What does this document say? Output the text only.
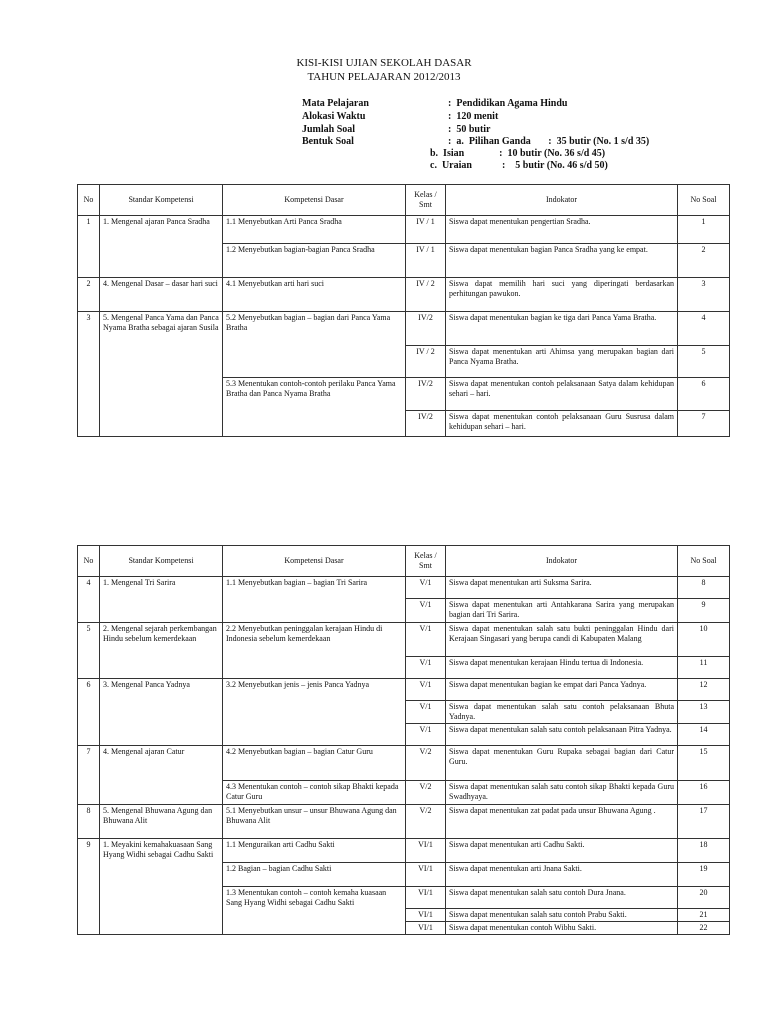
KISI-KISI UJIAN SEKOLAH DASAR
TAHUN PELAJARAN 2012/2013
Mata Pelajaran	:  Pendidikan Agama Hindu
Alokasi Waktu	:  120 menit
Jumlah Soal	:  50 butir
Bentuk Soal	:  a.  Pilihan Ganda       :  35 butir (No. 1 s/d 35)
b.  Isian              :  10 butir (No. 36 s/d 45)
c.  Uraian            :    5 butir (No. 46 s/d 50)
No	Standar Kompetensi	Kompetensi Dasar	Kelas / Smt	Indokator	No Soal
1	1. Mengenal ajaran Panca Sradha	1.1 Menyebutkan Arti Panca Sradha	IV / 1	Siswa dapat menentukan pengertian Sradha.	1
		1.2 Menyebutkan bagian-bagian Panca Sradha	IV / 1	Siswa dapat menentukan bagian Panca Sradha yang ke empat.	2
2	4. Mengenal Dasar – dasar hari suci	4.1 Menyebutkan arti hari suci	IV / 2	Siswa dapat memilih hari suci yang diperingati berdasarkan perhitungan pawukon.	3
3	5. Mengenal Panca Yama dan Panca Nyama Bratha sebagai ajaran Susila	5.2 Menyebutkan bagian – bagian dari Panca Yama Bratha	IV/2	Siswa dapat menentukan bagian ke tiga dari Panca Yama Bratha.	4
			IV / 2	Siswa dapat menentukan arti Ahimsa yang merupakan bagian dari Panca Nyama Bratha.	5
		5.3 Menentukan contoh-contoh perilaku Panca Yama Bratha dan Panca Nyama Bratha	IV/2	Siswa dapat menentukan contoh pelaksanaan Satya dalam kehidupan sehari – hari.	6
			IV/2	Siswa dapat menentukan contoh pelaksanaan Guru Susrusa dalam kehidupan sehari – hari.	7
No	Standar Kompetensi	Kompetensi Dasar	Kelas / Smt	Indokator	No Soal
4	1. Mengenal Tri Sarira	1.1 Menyebutkan bagian – bagian Tri Sarira	V/1	Siswa dapat menentukan arti Suksma Sarira.	8
			V/1	Siswa dapat menentukan arti Antahkarana Sarira yang merupakan bagian dari Tri Sarira.	9
5	2. Mengenal sejarah perkembangan Hindu sebelum kemerdekaan	2.2 Menyebutkan peninggalan kerajaan Hindu di Indonesia sebelum kemerdekaan	V/1	Siswa dapat menentukan salah satu bukti peninggalan Hindu dari Kerajaan Singasari yang berupa candi di Kabupaten Malang	10
			V/1	Siswa dapat menentukan kerajaan Hindu tertua di Indonesia.	11
6	3. Mengenal Panca Yadnya	3.2 Menyebutkan jenis – jenis Panca Yadnya	V/1	Siswa dapat menentukan bagian ke empat dari Panca Yadnya.	12
			V/1	Siswa dapat menentukan salah satu contoh pelaksanaan Bhuta Yadnya.	13
			V/1	Siswa dapat menentukan salah satu contoh pelaksanaan Pitra Yadnya.	14
7	4. Mengenal ajaran Catur	4.2 Menyebutkan bagian – bagian Catur Guru	V/2	Siswa dapat menentukan Guru Rupaka sebagai bagian dari Catur Guru.	15
		4.3 Menentukan contoh – contoh sikap Bhakti kepada Catur Guru	V/2	Siswa dapat menentukan salah satu contoh sikap Bhakti kepada Guru Swadhyaya.	16
8	5. Mengenal Bhuwana Agung dan Bhuwana Alit	5.1 Menyebutkan unsur – unsur Bhuwana Agung dan Bhuwana Alit	V/2	Siswa dapat menentukan zat padat pada unsur Bhuwana Agung .	17
9	1. Meyakini kemahakuasaan Sang Hyang Widhi sebagai Cadhu Sakti	1.1 Menguraikan arti Cadhu Sakti	VI/1	Siswa dapat menentukan arti Cadhu Sakti.	18
		1.2 Bagian – bagian Cadhu Sakti	VI/1	Siswa dapat menentukan arti Jnana Sakti.	19
		1.3 Menentukan contoh – contoh kemaha kuasaan Sang Hyang Widhi sebagai Cadhu Sakti	VI/1	Siswa dapat menentukan salah satu contoh Dura Jnana.	20
			VI/1	Siswa dapat menentukan salah satu contoh Prabu Sakti.	21
			VI/1	Siswa dapat menentukan contoh Wibhu Sakti.	22
